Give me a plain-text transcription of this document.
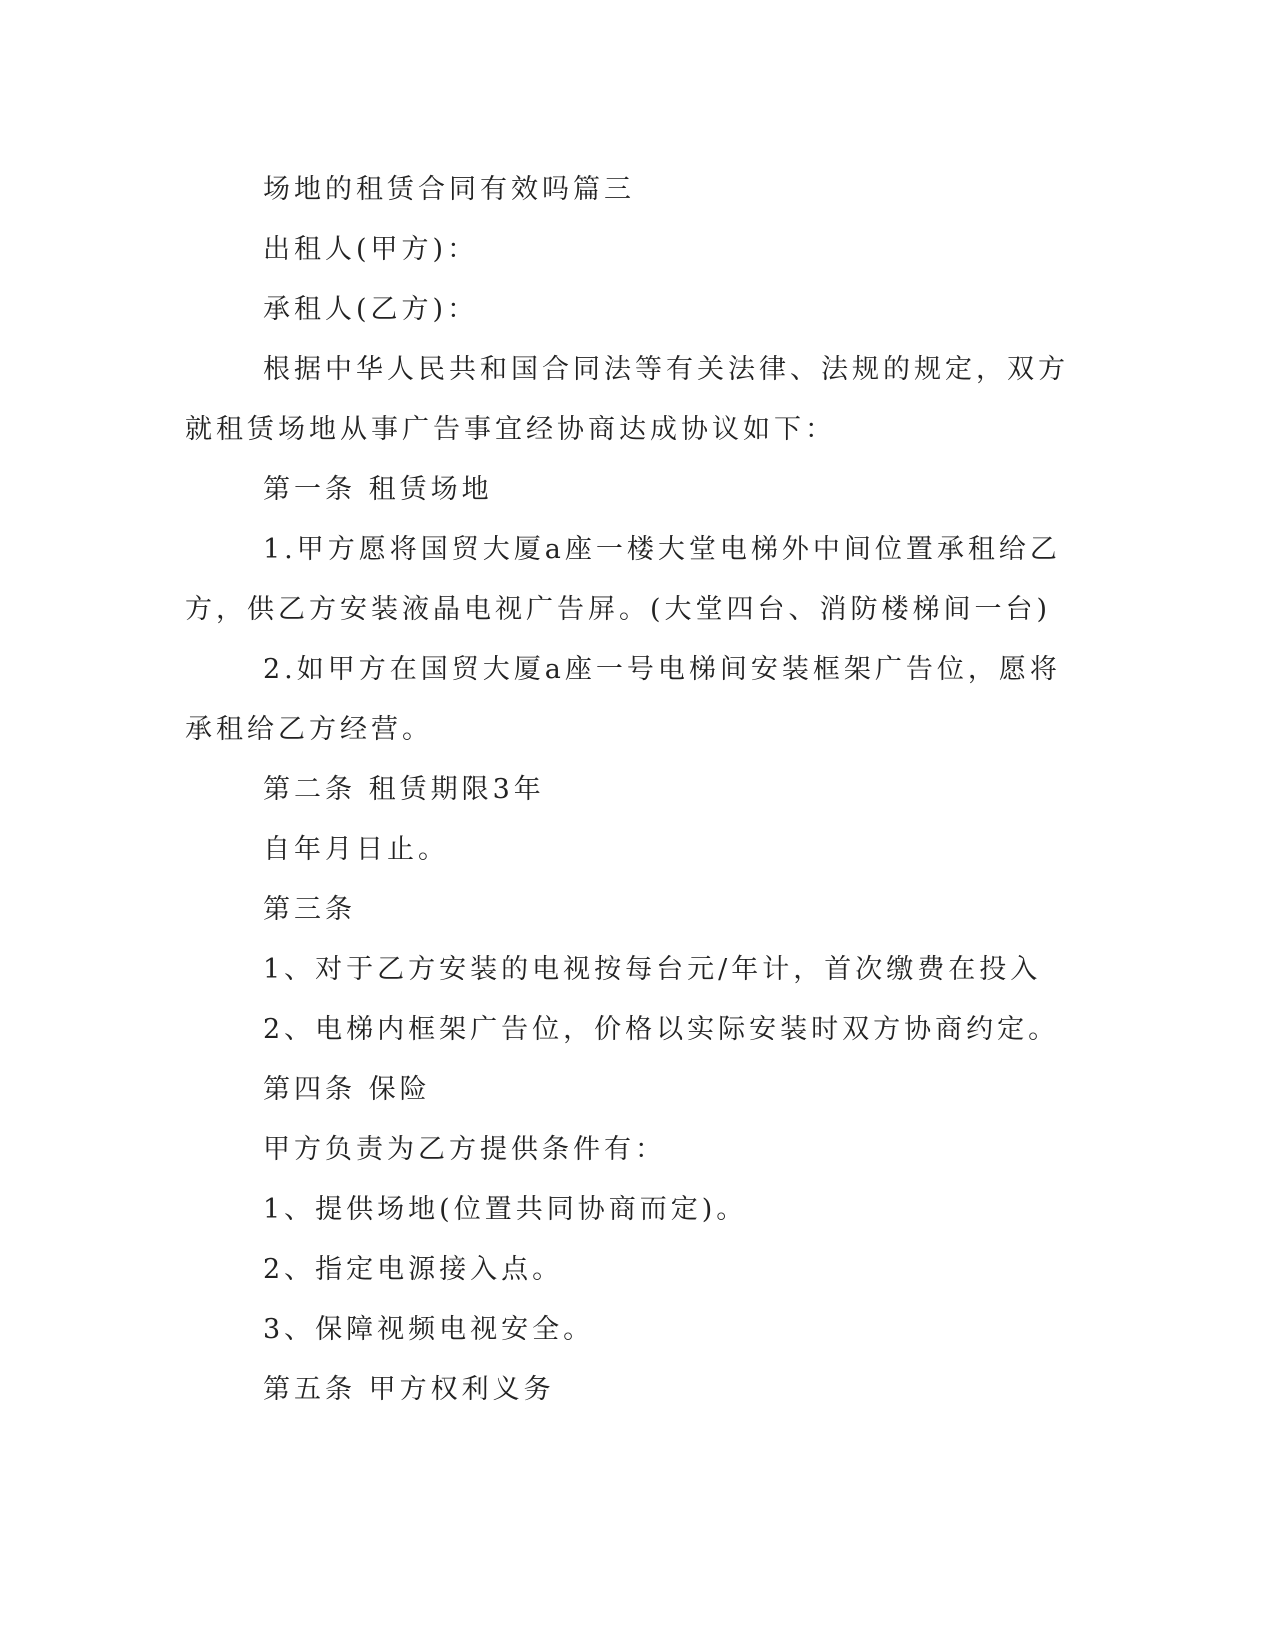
场地的租赁合同有效吗篇三

出租人(甲方)：

承租人(乙方)：

根据中华人民共和国合同法等有关法律、法规的规定，双方就租赁场地从事广告事宜经协商达成协议如下：

第一条 租赁场地

1.甲方愿将国贸大厦a座一楼大堂电梯外中间位置承租给乙方，供乙方安装液晶电视广告屏。(大堂四台、消防楼梯间一台)

2.如甲方在国贸大厦a座一号电梯间安装框架广告位，愿将承租给乙方经营。

第二条 租赁期限3年

自年月日止。

第三条

1、对于乙方安装的电视按每台元/年计，首次缴费在投入

2、电梯内框架广告位，价格以实际安装时双方协商约定。

第四条 保险

甲方负责为乙方提供条件有：

1、提供场地(位置共同协商而定)。

2、指定电源接入点。

3、保障视频电视安全。

第五条 甲方权利义务
